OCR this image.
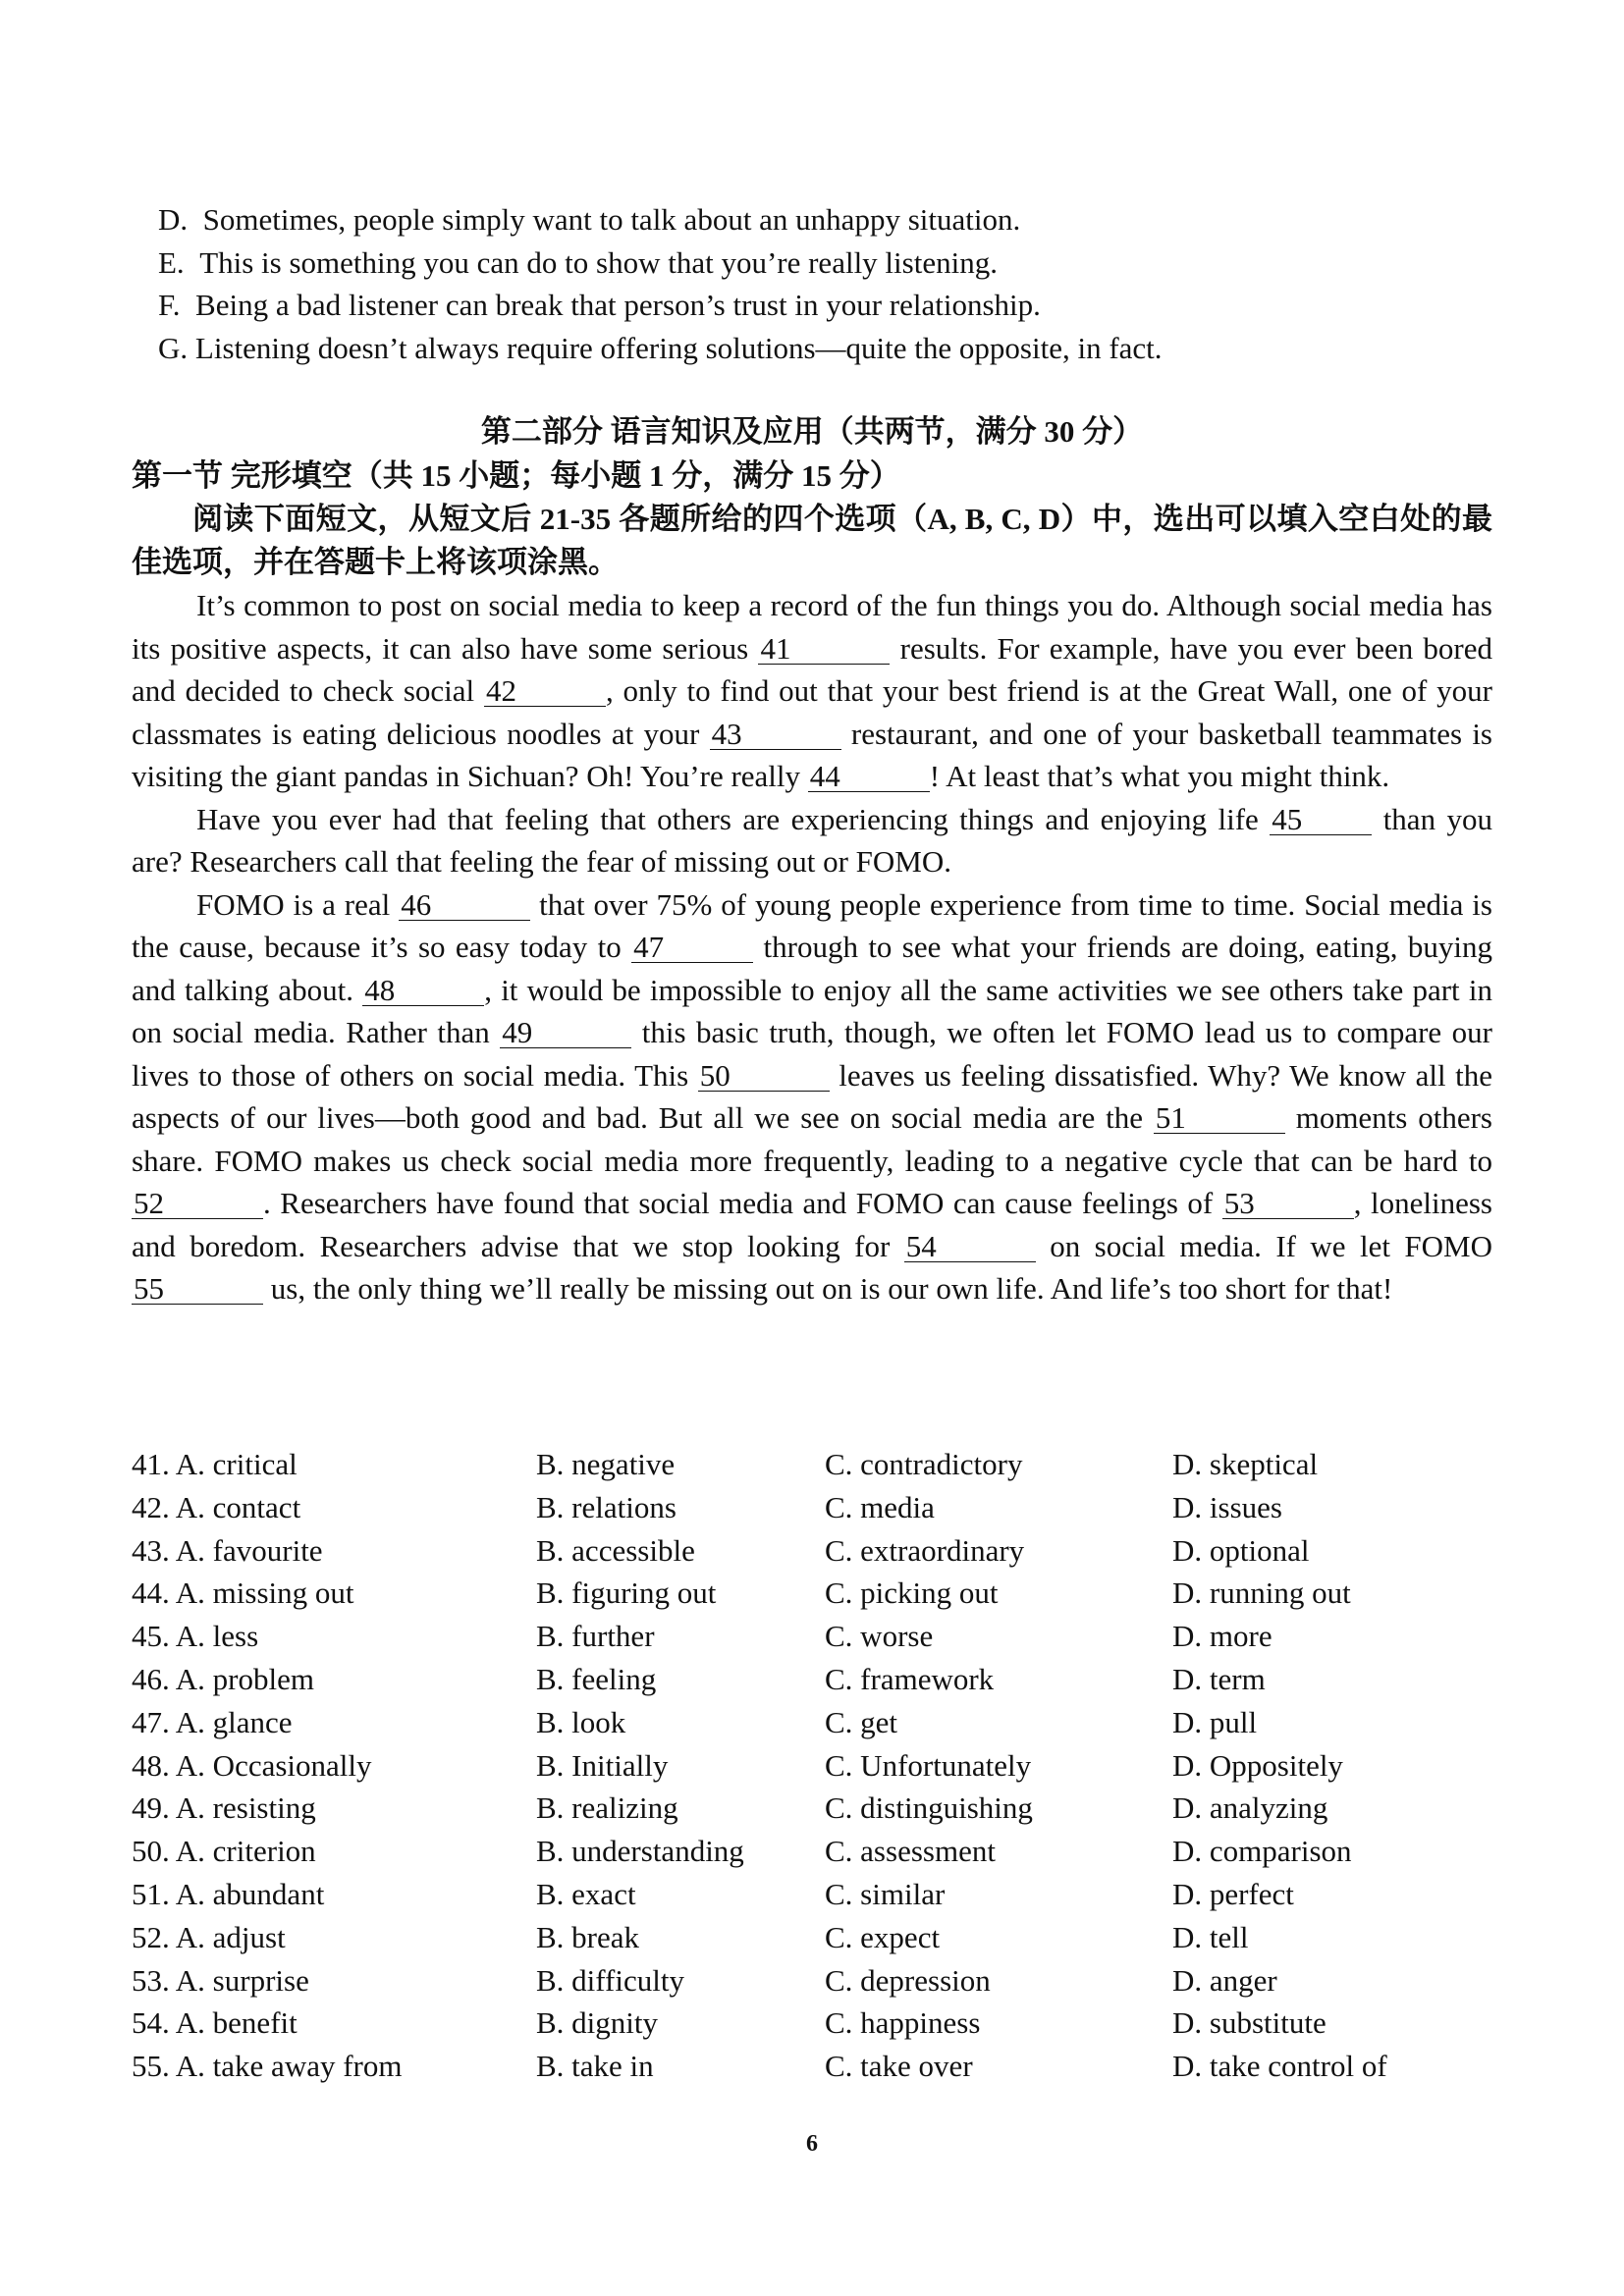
D. Sometimes, people simply want to talk about an unhappy situation.
E. This is something you can do to show that you’re really listening.
F. Being a bad listener can break that person’s trust in your relationship.
G. Listening doesn’t always require offering solutions—quite the opposite, in fact.
第二部分 语言知识及应用（共两节，满分 30 分）
第一节 完形填空（共 15 小题；每小题 1 分，满分 15 分）

阅读下面短文，从短文后 21-35 各题所给的四个选项（A, B, C, D）中，选出可以填入空白处的最佳选项，并在答题卡上将该项涂黑。

It’s common to post on social media to keep a record of the fun things you do. Although social media has its positive aspects, it can also have some serious 41	results. For example, have you ever been bored and decided to check social 42	, only to find out that your best friend is at the Great Wall, one of your classmates is eating delicious noodles at your 43	restaurant, and one of your basketball teammates is visiting the giant pandas in Sichuan? Oh! You’re really 44	! At least that’s what you might think.

Have you ever had that feeling that others are experiencing things and enjoying life 45 than you are? Researchers call that feeling the fear of missing out or FOMO.

FOMO is a real 46	that over 75% of young people experience from time to time. Social media is the cause, because it’s so easy today to 47	through to see what your friends are doing, eating, buying and talking about. 48	, it would be impossible to enjoy all the same activities we see others take part in on social media. Rather than 49	this basic truth, though, we often let FOMO lead us to compare our lives to those of others on social media. This 50	leaves us feeling dissatisfied. Why? We know all the aspects of our lives—both good and bad. But all we see on social media are the 51	moments others share. FOMO makes us check social media more frequently, leading to a negative cycle that can be hard to 52	. Researchers have found that social media and FOMO can cause feelings of 53	, loneliness and boredom. Researchers advise that we stop looking for 54	on social media. If we let FOMO 55	us, the only thing we’ll really be missing out on is our own life. And life’s too short for that!

41. A. critical	B. negative	C. contradictory	D. skeptical
42. A. contact	B. relations	C. media	D. issues
43. A. favourite	B. accessible	C. extraordinary	D. optional
44. A. missing out	B. figuring out	C. picking out	D. running out
45. A. less	B. further	C. worse	D. more
46. A. problem	B. feeling	C. framework	D. term
47. A. glance	B. look	C. get	D. pull
48. A. Occasionally	B. Initially	C. Unfortunately	D. Oppositely
49. A. resisting	B. realizing	C. distinguishing	D. analyzing
50. A. criterion	B. understanding	C. assessment	D. comparison
51. A. abundant	B. exact	C. similar	D. perfect
52. A. adjust	B. break	C. expect	D. tell
53. A. surprise	B. difficulty	C. depression	D. anger
54. A. benefit	B. dignity	C. happiness	D. substitute
55. A. take away from	B. take in	C. take over	D. take control of
6
